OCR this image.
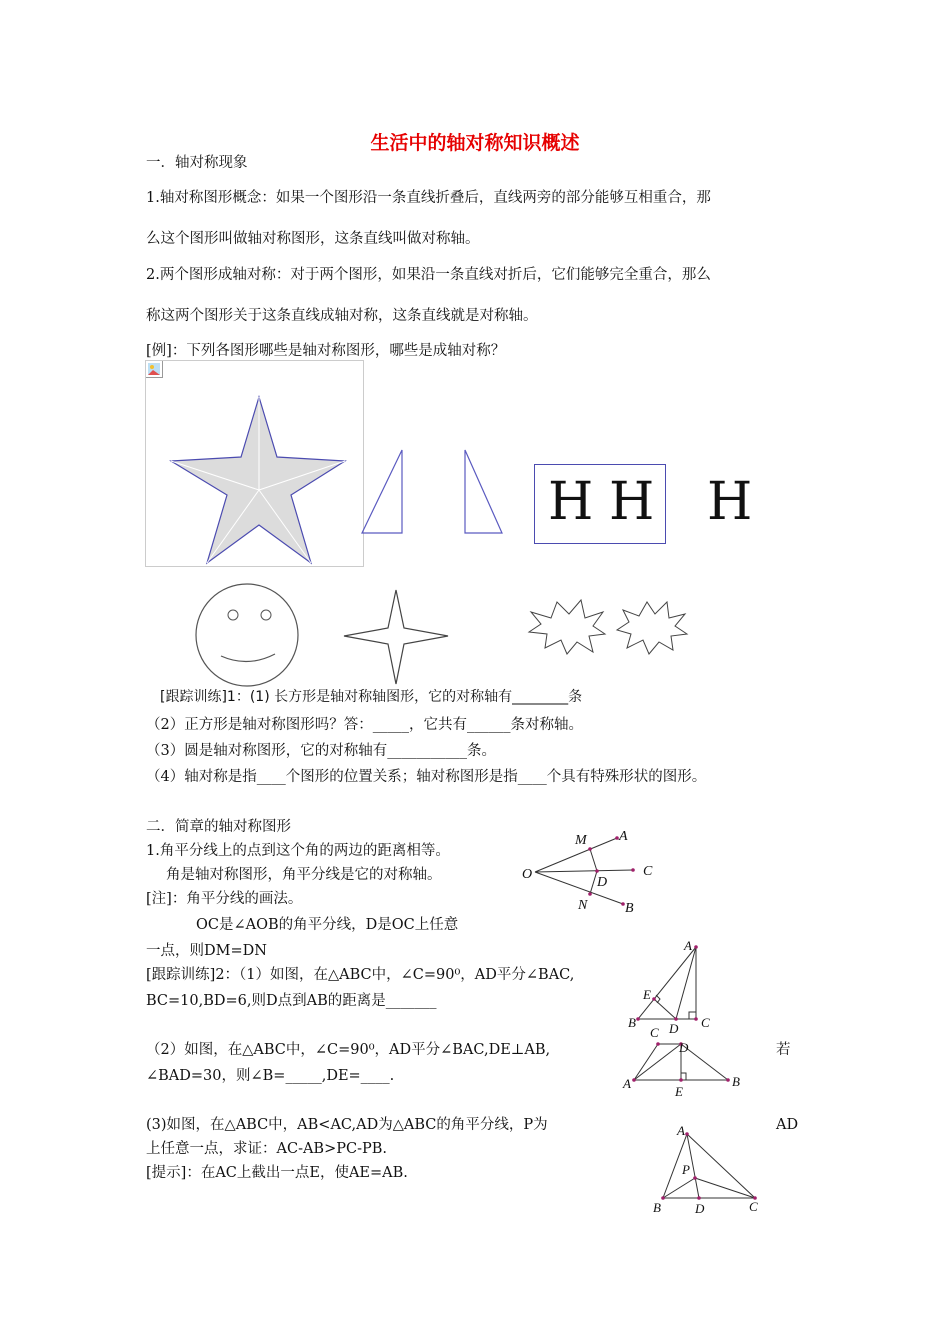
生活中的轴对称知识概述
一．轴对称现象
1.轴对称图形概念：如果一个图形沿一条直线折叠后，直线两旁的部分能够互相重合，那
么这个图形叫做轴对称图形，这条直线叫做对称轴。
2.两个图形成轴对称：对于两个图形，如果沿一条直线对折后，它们能够完全重合，那么
称这两个图形关于这条直线成轴对称，这条直线就是对称轴。
[例]：下列各图形哪些是轴对称图形，哪些是成轴对称？
H H H
[跟踪训练]1：(1) 长方形是轴对称轴图形，它的对称轴有________条
（2）正方形是轴对称图形吗？答：_____，它共有______条对称轴。
（3）圆是轴对称图形，它的对称轴有___________条。
（4）轴对称是指____个图形的位置关系；轴对称图形是指____个具有特殊形状的图形。
二．简章的轴对称图形
1.角平分线上的点到这个角的两边的距离相等。
角是轴对称图形，角平分线是它的对称轴。
[注]：角平分线的画法。
OC是∠AOB的角平分线，D是OC上任意
一点，则DM=DN
[跟踪训练]2：（1）如图，在△ABC中，∠C=90⁰，AD平分∠BAC,
BC=10,BD=6,则D点到AB的距离是_______
（2）如图，在△ABC中，∠C=90⁰，AD平分∠BAC,DE⊥AB,	若
∠BAD=30，则∠B=_____,DE=____.
(3)如图，在△ABC中，AB<AC,AD为△ABC的角平分线，P为	AD
上任意一点，求证：AC-AB>PC-PB.
[提示]：在AC上截出一点E，使AE=AB.
M A
O	C
D
N	B
A
E
B	C
D
C
D
A	B
E
A
P
B	D	C
